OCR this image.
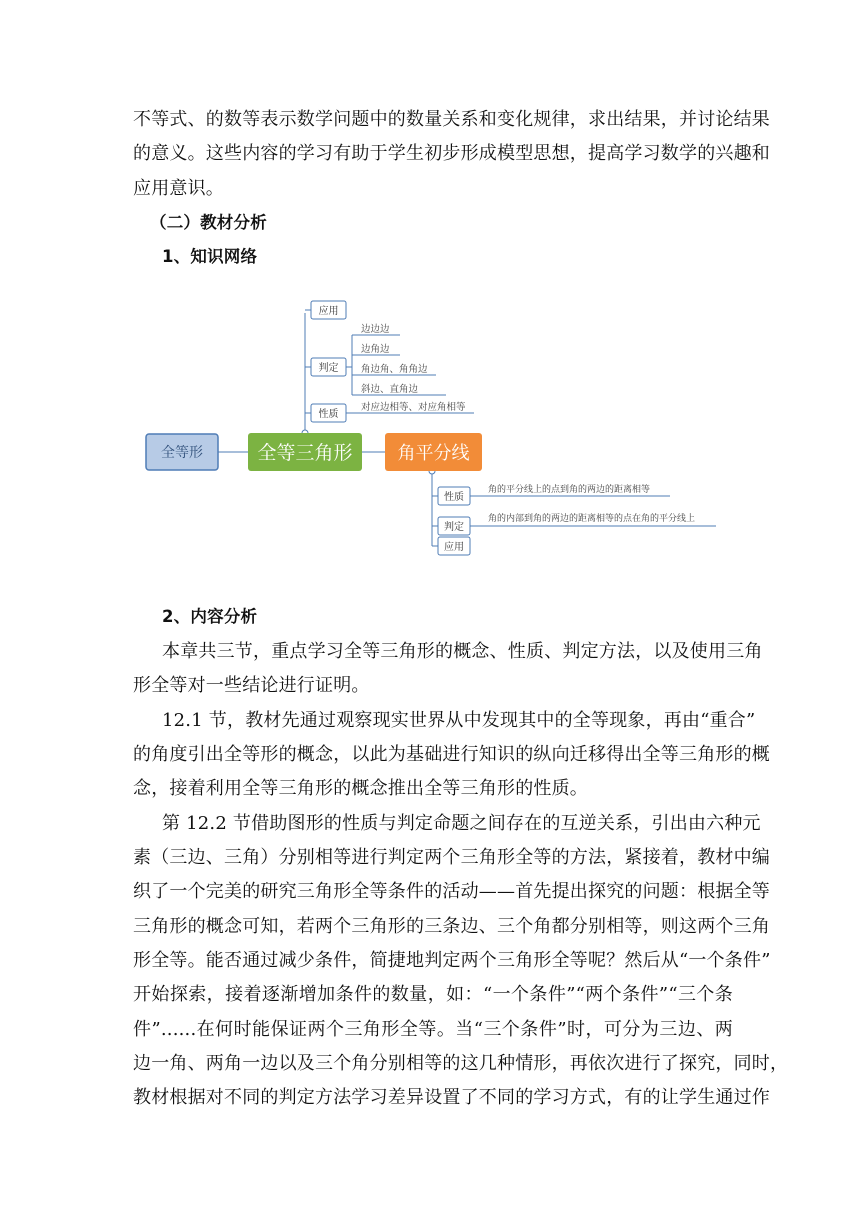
不等式、的数等表示数学问题中的数量关系和变化规律，求出结果，并讨论结果
的意义。这些内容的学习有助于学生初步形成模型思想，提高学习数学的兴趣和
应用意识。
（二）教材分析
1、知识网络
应用
判定
性质
边边边
边角边
角边角、角角边
斜边、直角边
对应边相等、对应角相等
全等形	全等三角形 角平分线
性质
判定
应用
角的平分线上的点到角的两边的距离相等
角的内部到角的两边的距离相等的点在角的平分线上
2、内容分析
本章共三节，重点学习全等三角形的概念、性质、判定方法，以及使用三角
形全等对一些结论进行证明。
12.1 节，教材先通过观察现实世界从中发现其中的全等现象，再由“重合”
的角度引出全等形的概念，以此为基础进行知识的纵向迁移得出全等三角形的概
念，接着利用全等三角形的概念推出全等三角形的性质。
第 12.2 节借助图形的性质与判定命题之间存在的互逆关系，引出由六种元
素（三边、三角）分别相等进行判定两个三角形全等的方法，紧接着，教材中编
织了一个完美的研究三角形全等条件的活动——首先提出探究的问题：根据全等
三角形的概念可知，若两个三角形的三条边、三个角都分别相等，则这两个三角
形全等。能否通过减少条件，简捷地判定两个三角形全等呢？然后从“一个条件”
开始探索，接着逐渐增加条件的数量，如：“一个条件”“两个条件”“三个条
件”......在何时能保证两个三角形全等。当“三个条件”时，可分为三边、两
边一角、两角一边以及三个角分别相等的这几种情形，再依次进行了探究，同时，
教材根据对不同的判定方法学习差异设置了不同的学习方式，有的让学生通过作
